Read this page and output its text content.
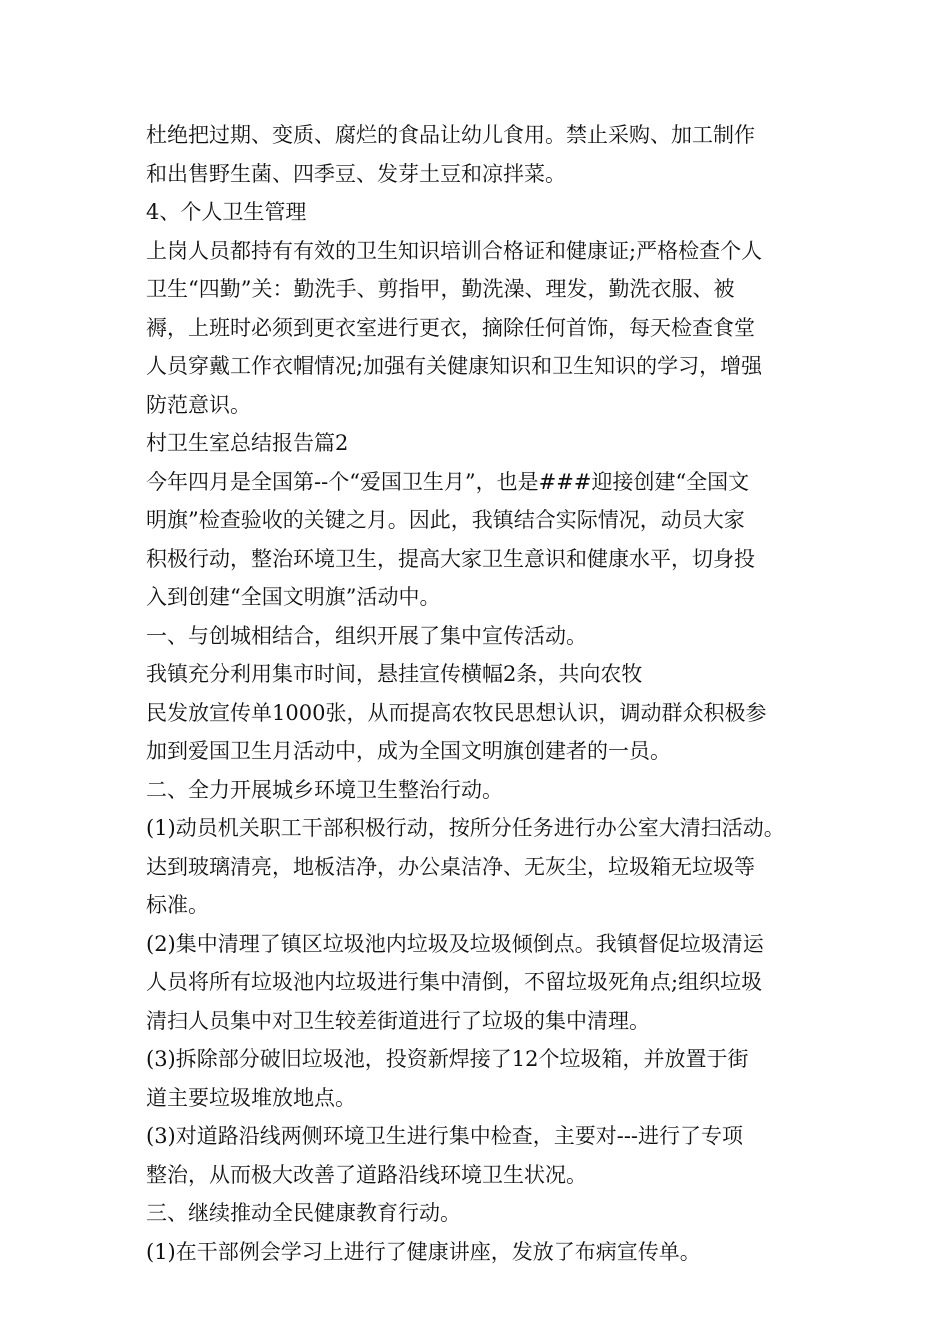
杜绝把过期、变质、腐烂的食品让幼儿食用。禁止采购、加工制作
和出售野生菌、四季豆、发芽土豆和凉拌菜。
4、个人卫生管理
上岗人员都持有有效的卫生知识培训合格证和健康证;严格检查个人
卫生“四勤”关：勤洗手、剪指甲，勤洗澡、理发，勤洗衣服、被
褥，上班时必须到更衣室进行更衣，摘除任何首饰，每天检查食堂
人员穿戴工作衣帽情况;加强有关健康知识和卫生知识的学习，增强
防范意识。
村卫生室总结报告篇2
今年四月是全国第--个“爱国卫生月”，也是###迎接创建“全国文
明旗”检查验收的关键之月。因此，我镇结合实际情况，动员大家
积极行动，整治环境卫生，提高大家卫生意识和健康水平，切身投
入到创建“全国文明旗”活动中。
一、与创城相结合，组织开展了集中宣传活动。
我镇充分利用集市时间，悬挂宣传横幅2条，共向农牧
民发放宣传单1000张，从而提高农牧民思想认识，调动群众积极参
加到爱国卫生月活动中，成为全国文明旗创建者的一员。
二、全力开展城乡环境卫生整治行动。
(1)动员机关职工干部积极行动，按所分任务进行办公室大清扫活动。
达到玻璃清亮，地板洁净，办公桌洁净、无灰尘，垃圾箱无垃圾等
标准。
(2)集中清理了镇区垃圾池内垃圾及垃圾倾倒点。我镇督促垃圾清运
人员将所有垃圾池内垃圾进行集中清倒，不留垃圾死角点;组织垃圾
清扫人员集中对卫生较差街道进行了垃圾的集中清理。
(3)拆除部分破旧垃圾池，投资新焊接了12个垃圾箱，并放置于街
道主要垃圾堆放地点。
(3)对道路沿线两侧环境卫生进行集中检查，主要对---进行了专项
整治，从而极大改善了道路沿线环境卫生状况。
三、继续推动全民健康教育行动。
(1)在干部例会学习上进行了健康讲座，发放了布病宣传单。
